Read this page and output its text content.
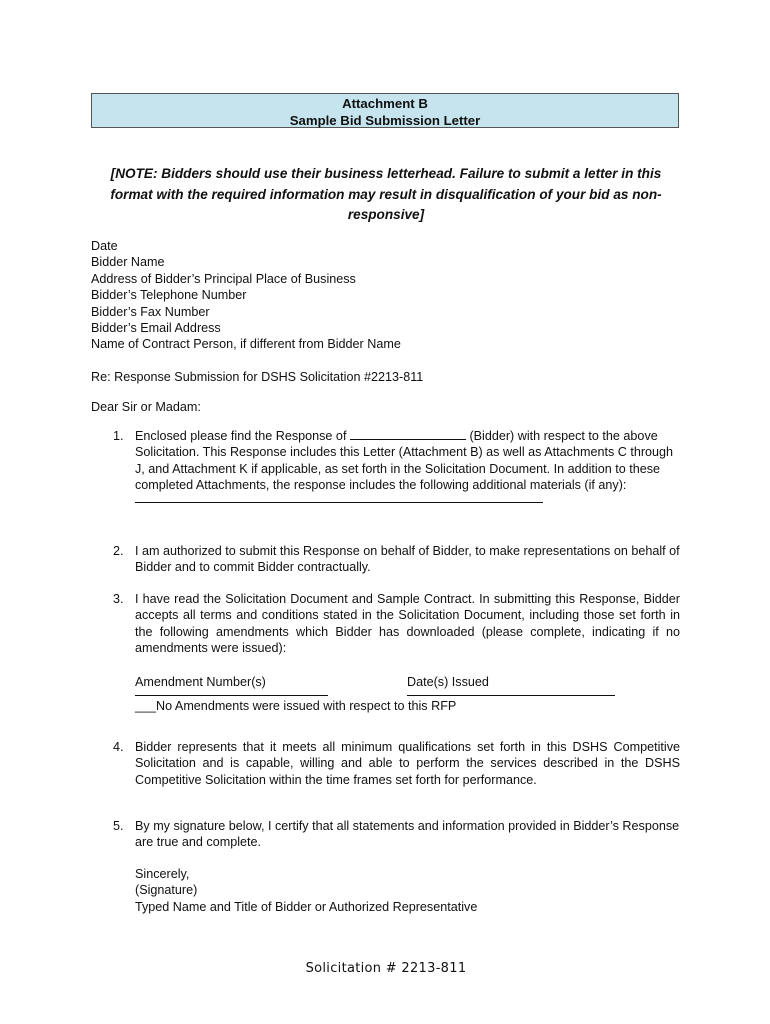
Attachment B
Sample Bid Submission Letter
[NOTE: Bidders should use their business letterhead. Failure to submit a letter in this format with the required information may result in disqualification of your bid as non-responsive]
Date
Bidder Name
Address of Bidder’s Principal Place of Business
Bidder’s Telephone Number
Bidder’s Fax Number
Bidder’s Email Address
Name of Contract Person, if different from Bidder Name
Re: Response Submission for DSHS Solicitation #2213-811
Dear Sir or Madam:
1. Enclosed please find the Response of	(Bidder) with respect to the above Solicitation. This Response includes this Letter (Attachment B) as well as Attachments C through J, and Attachment K if applicable, as set forth in the Solicitation Document. In addition to these completed Attachments, the response includes the following additional materials (if any):
2. I am authorized to submit this Response on behalf of Bidder, to make representations on behalf of Bidder and to commit Bidder contractually.
3. I have read the Solicitation Document and Sample Contract. In submitting this Response, Bidder accepts all terms and conditions stated in the Solicitation Document, including those set forth in the following amendments which Bidder has downloaded (please complete, indicating if no amendments were issued):
Amendment Number(s)	Date(s) Issued
___No Amendments were issued with respect to this RFP
4. Bidder represents that it meets all minimum qualifications set forth in this DSHS Competitive Solicitation and is capable, willing and able to perform the services described in the DSHS Competitive Solicitation within the time frames set forth for performance.
5. By my signature below, I certify that all statements and information provided in Bidder’s Response are true and complete.
Sincerely,
(Signature)
Typed Name and Title of Bidder or Authorized Representative
Solicitation # 2213-811
